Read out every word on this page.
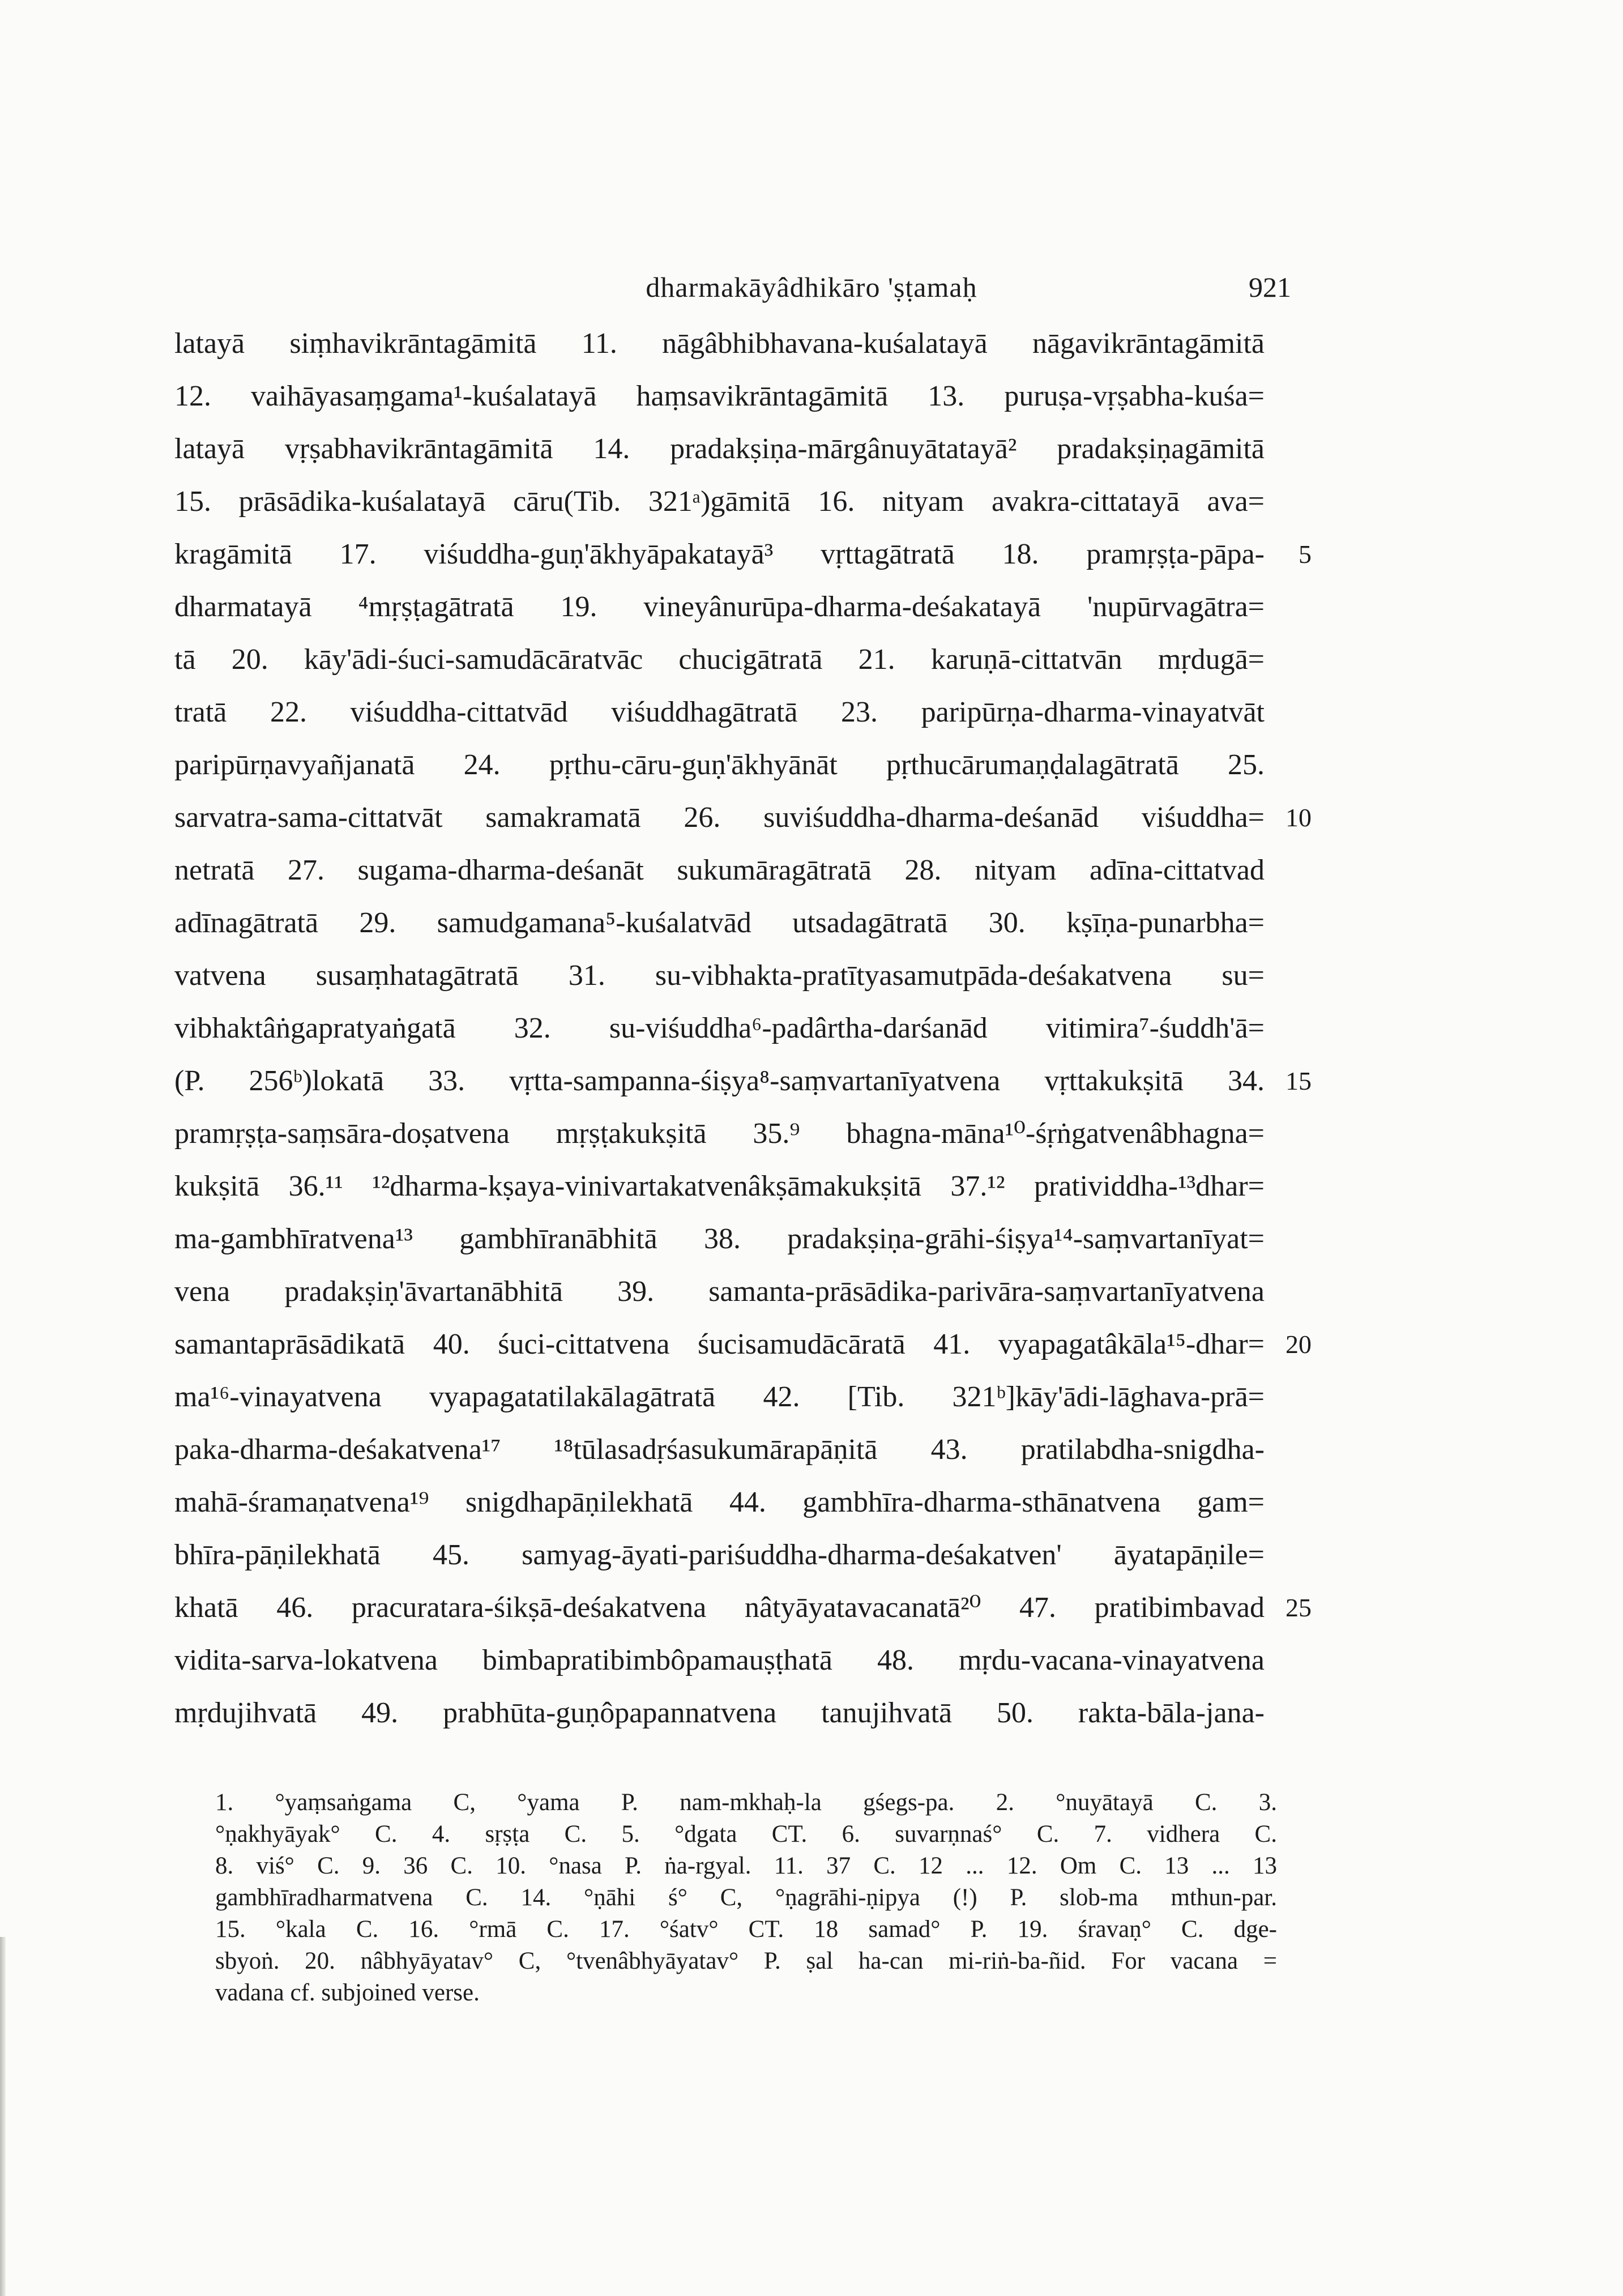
dharmakāyâdhikāro 'ṣṭamaḥ	921
latayā siṃhavikrāntagāmitā 11. nāgâbhibhavana-kuśalatayā nāgavikrāntagāmitā
12. vaihāyasaṃgama¹-kuśalatayā haṃsavikrāntagāmitā 13. puruṣa-vṛṣabha-kuśa=
latayā vṛṣabhavikrāntagāmitā 14. pradakṣiṇa-mārgânuyātatayā² pradakṣiṇagāmitā
15. prāsādika-kuśalatayā cāru(Tib. 321ᵃ)gāmitā 16. nityam avakra-cittatayā ava=
kragāmitā 17. viśuddha-guṇ'ākhyāpakatayā³ vṛttagātratā 18. pramṛṣṭa-pāpa-
dharmatayā ⁴mṛṣṭagātratā 19. vineyânurūpa-dharma-deśakatayā 'nupūrvagātra=
tā 20. kāy'ādi-śuci-samudācāratvāc chucigātratā 21. karuṇā-cittatvān mṛdugā=
tratā 22. viśuddha-cittatvād viśuddhagātratā 23. paripūrṇa-dharma-vinayatvāt
paripūrṇavyañjanatā 24. pṛthu-cāru-guṇ'ākhyānāt pṛthucārumaṇḍalagātratā 25.
sarvatra-sama-cittatvāt samakramatā 26. suviśuddha-dharma-deśanād viśuddha=
netratā 27. sugama-dharma-deśanāt sukumāragātratā 28. nityam adīna-cittatvad
adīnagātratā 29. samudgamana⁵-kuśalatvād utsadagātratā 30. kṣīṇa-punarbha=
vatvena susaṃhatagātratā 31. su-vibhakta-pratītyasamutpāda-deśakatvena su=
vibhaktâṅgapratyaṅgatā 32. su-viśuddha⁶-padârtha-darśanād vitimira⁷-śuddh'ā=
(P. 256ᵇ)lokatā 33. vṛtta-sampanna-śiṣya⁸-saṃvartanīyatvena vṛttakukṣitā 34.
pramṛṣṭa-saṃsāra-doṣatvena mṛṣṭakukṣitā 35.⁹ bhagna-māna¹⁰-śṛṅgatvenâbhagna=
kukṣitā 36.¹¹ ¹²dharma-kṣaya-vinivartakatvenâkṣāmakukṣitā 37.¹² pratividdha-¹³dhar=
ma-gambhīratvena¹³ gambhīranābhitā 38. pradakṣiṇa-grāhi-śiṣya¹⁴-saṃvartanīyat=
vena pradakṣiṇ'āvartanābhitā 39. samanta-prāsādika-parivāra-saṃvartanīyatvena
samantaprāsādikatā 40. śuci-cittatvena śucisamudācāratā 41. vyapagatâkāla¹⁵-dhar=
ma¹⁶-vinayatvena vyapagatatilakālagātratā 42. [Tib. 321ᵇ]kāy'ādi-lāghava-prā=
paka-dharma-deśakatvena¹⁷ ¹⁸tūlasadṛśasukumārapāṇitā 43. pratilabdha-snigdha-
mahā-śramaṇatvena¹⁹ snigdhapāṇilekhatā 44. gambhīra-dharma-sthānatvena gam=
bhīra-pāṇilekhatā 45. samyag-āyati-pariśuddha-dharma-deśakatven' āyatapāṇile=
khatā 46. pracuratara-śikṣā-deśakatvena nâtyāyatavacanatā²⁰ 47. pratibimbavad
vidita-sarva-lokatvena bimbapratibimbôpamauṣṭhatā 48. mṛdu-vacana-vinayatvena
mṛdujihvatā 49. prabhūta-guṇôpapannatvena tanujihvatā 50. rakta-bāla-jana-
5
10
15
20
25
1. °yaṃsaṅgama C, °yama P. nam-mkhaḥ-la gśegs-pa. 2. °nuyātayā C. 3.
°ṇakhyāyak° C. 4. sṛṣṭa C. 5. °dgata CT. 6. suvarṇnaś° C. 7. vidhera C.
8. viś° C. 9. 36 C. 10. °nasa P. ṅa-rgyal. 11. 37 C. 12 ... 12. Om C. 13 ... 13
gambhīradharmatvena C. 14. °ṇāhi ś° C, °ṇagrāhi-ṇipya (!) P. slob-ma mthun-par.
15. °kala C. 16. °rmā C. 17. °śatv° CT. 18 samad° P. 19. śravaṇ° C. dge-
sbyoṅ. 20. nâbhyāyatav° C, °tvenâbhyāyatav° P. ṣal ha-can mi-riṅ-ba-ñid. For vacana =
vadana cf. subjoined verse.
